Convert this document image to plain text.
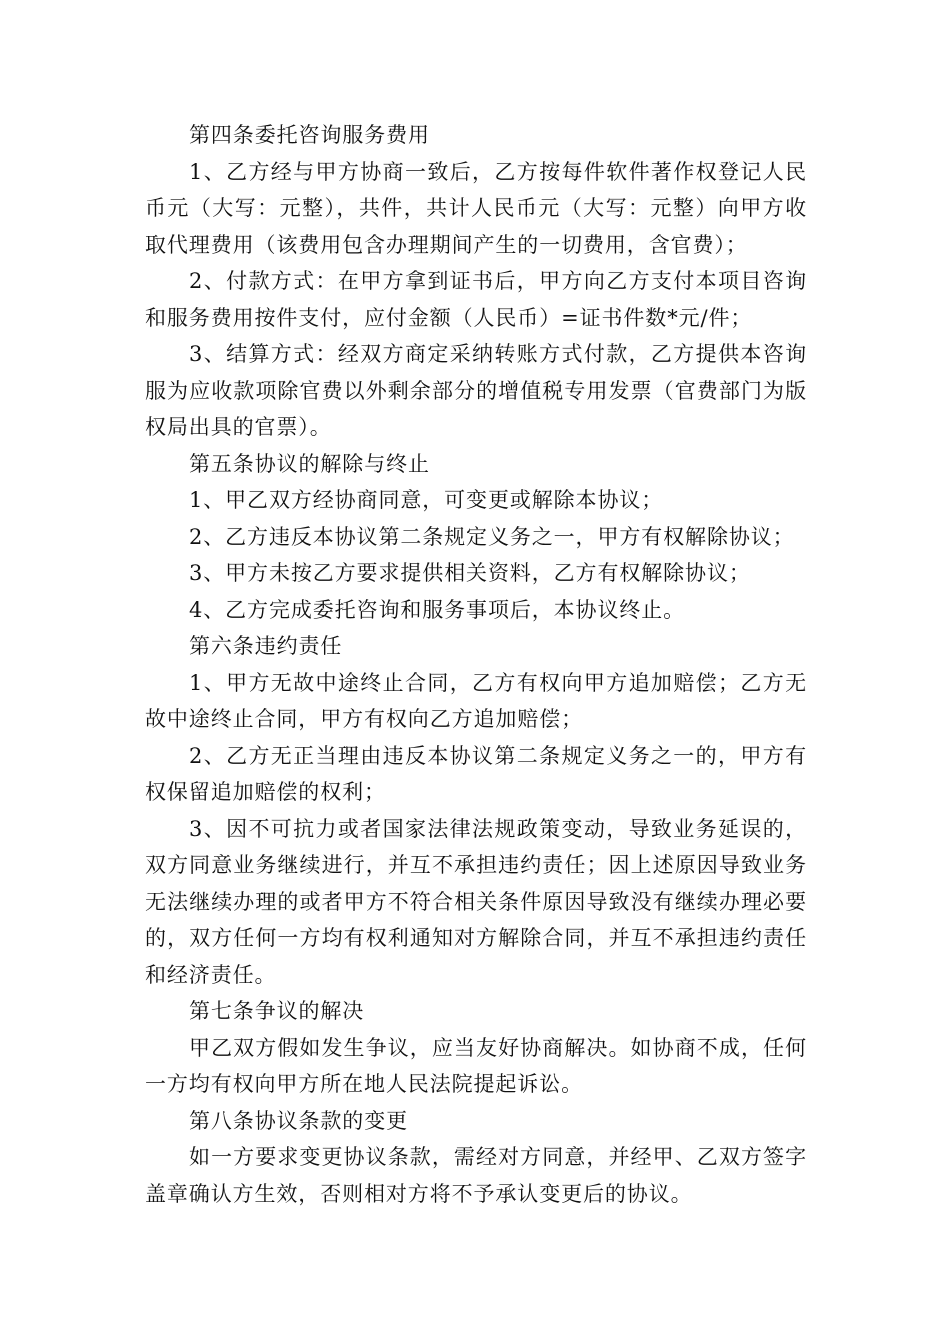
第四条委托咨询服务费用

1、乙方经与甲方协商一致后，乙方按每件软件著作权登记人民币元（大写：元整），共件，共计人民币元（大写：元整）向甲方收取代理费用（该费用包含办理期间产生的一切费用，含官费）；

2、付款方式：在甲方拿到证书后，甲方向乙方支付本项目咨询和服务费用按件支付，应付金额（人民币）=证书件数*元/件；

3、结算方式：经双方商定采纳转账方式付款，乙方提供本咨询服为应收款项除官费以外剩余部分的增值税专用发票（官费部门为版权局出具的官票）。

第五条协议的解除与终止

1、甲乙双方经协商同意，可变更或解除本协议；

2、乙方违反本协议第二条规定义务之一，甲方有权解除协议；

3、甲方未按乙方要求提供相关资料，乙方有权解除协议；

4、乙方完成委托咨询和服务事项后，本协议终止。

第六条违约责任

1、甲方无故中途终止合同，乙方有权向甲方追加赔偿；乙方无故中途终止合同，甲方有权向乙方追加赔偿；

2、乙方无正当理由违反本协议第二条规定义务之一的，甲方有权保留追加赔偿的权利；

3、因不可抗力或者国家法律法规政策变动，导致业务延误的，双方同意业务继续进行，并互不承担违约责任；因上述原因导致业务无法继续办理的或者甲方不符合相关条件原因导致没有继续办理必要的，双方任何一方均有权利通知对方解除合同，并互不承担违约责任和经济责任。

第七条争议的解决

甲乙双方假如发生争议，应当友好协商解决。如协商不成，任何一方均有权向甲方所在地人民法院提起诉讼。

第八条协议条款的变更

如一方要求变更协议条款，需经对方同意，并经甲、乙双方签字盖章确认方生效，否则相对方将不予承认变更后的协议。
